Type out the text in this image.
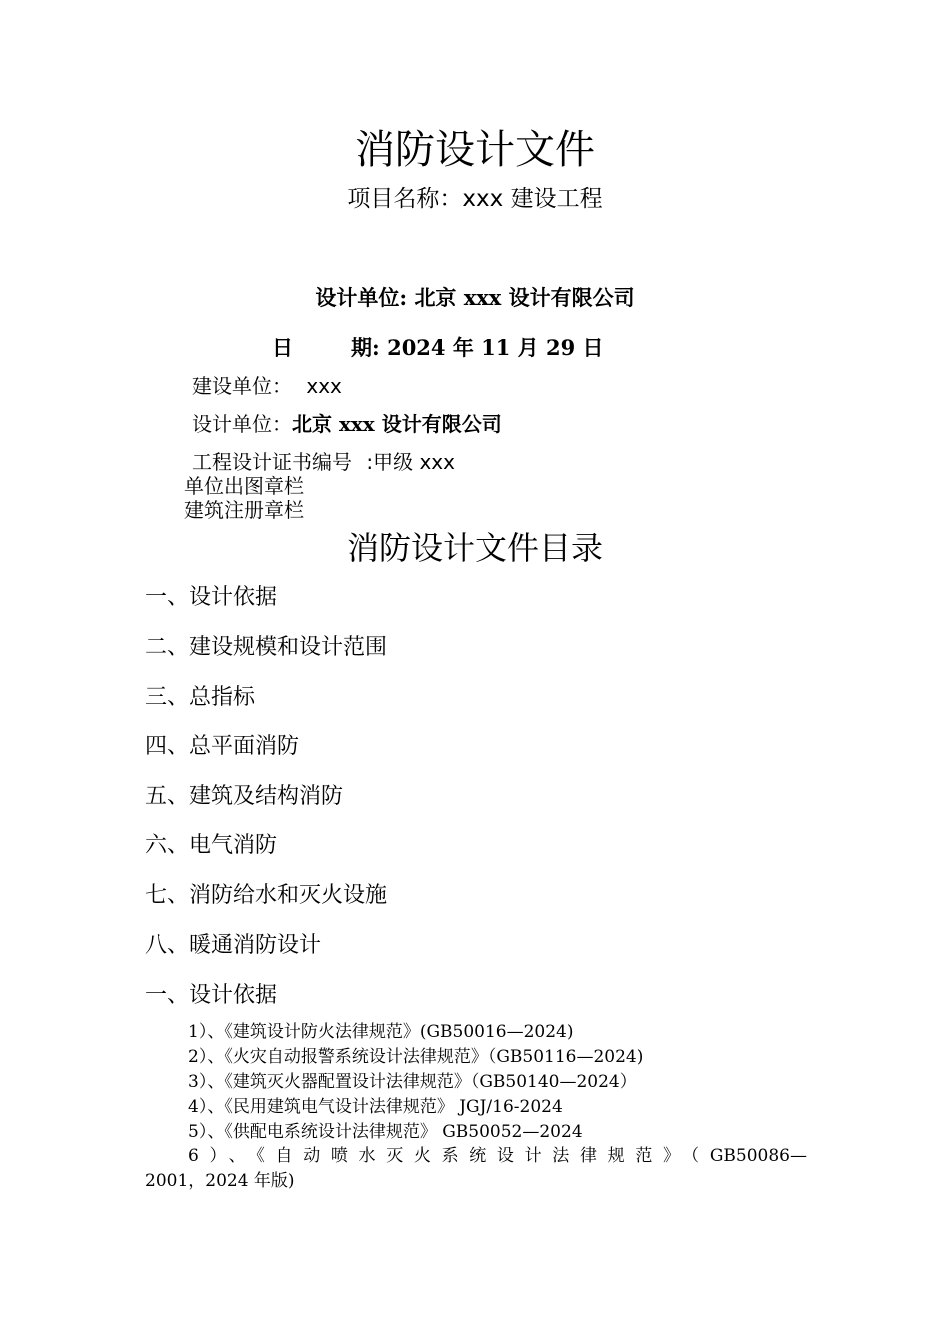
消防设计文件
项目名称：xxx 建设工程
设计单位: 北京 xxx 设计有限公司
日	期: 2024 年 11 月 29 日
建设单位： xxx
设计单位：北京 xxx 设计有限公司
工程设计证书编号 :甲级 xxx
单位出图章栏
建筑注册章栏
消防设计文件目录
一、设计依据
二、建设规模和设计范围
三、总指标
四、总平面消防
五、建筑及结构消防
六、电气消防
七、消防给水和灭火设施
八、暖通消防设计
一、设计依据
1）、《建筑设计防火法律规范》(GB50016—2024)
2）、《火灾自动报警系统设计法律规范》（GB50116—2024)
3）、《建筑灭火器配置设计法律规范》（GB50140—2024）
4）、《民用建筑电气设计法律规范》 JGJ/16-2024
5）、《供配电系统设计法律规范》 GB50052—2024
6）、《自动喷水灭火系统设计法律规范》（GB50086—
2001，2024 年版)
